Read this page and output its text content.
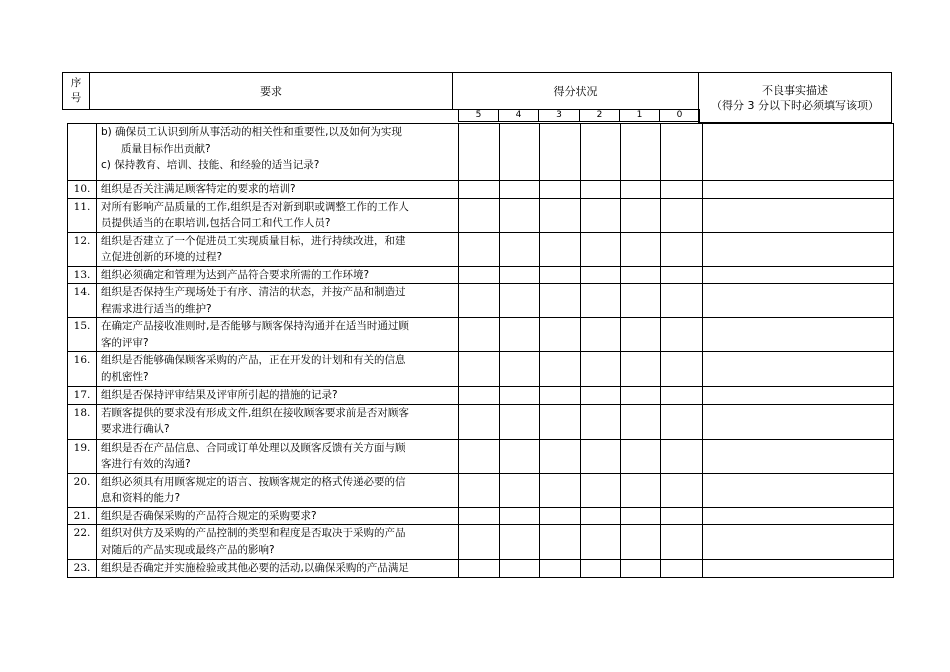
序
号
要求	得分状况	不良事实描述
（得分 3 分以下时必须填写该项）
5	4	3	2	1	0

	b) 确保员工认识到所从事活动的相关性和重要性,以及如何为实现
质量目标作出贡献?
c) 保持教育、培训、技能、和经验的适当记录?							

10.	组织是否关注满足顾客特定的要求的培训?							

11.	对所有影响产品质量的工作,组织是否对新到职或调整工作的工作人
员提供适当的在职培训,包括合同工和代工作人员?							

12.	组织是否建立了一个促进员工实现质量目标，进行持续改进，和建
立促进创新的环境的过程?							

13.	组织必须确定和管理为达到产品符合要求所需的工作环境?							

14.	组织是否保持生产现场处于有序、清洁的状态，并按产品和制造过
程需求进行适当的维护?							

15.	在确定产品接收准则时,是否能够与顾客保持沟通并在适当时通过顾
客的评审?							

16.	组织是否能够确保顾客采购的产品，正在开发的计划和有关的信息
的机密性?							

17.	组织是否保持评审结果及评审所引起的措施的记录?							

18.	若顾客提供的要求没有形成文件,组织在接收顾客要求前是否对顾客
要求进行确认?							

19.	组织是否在产品信息、合同或订单处理以及顾客反馈有关方面与顾
客进行有效的沟通?							

20.	组织必须具有用顾客规定的语言、按顾客规定的格式传递必要的信
息和资料的能力?							

21.	组织是否确保采购的产品符合规定的采购要求?							

22.	组织对供方及采购的产品控制的类型和程度是否取决于采购的产品
对随后的产品实现或最终产品的影响?							

23.	组织是否确定并实施检验或其他必要的活动,以确保采购的产品满足							
